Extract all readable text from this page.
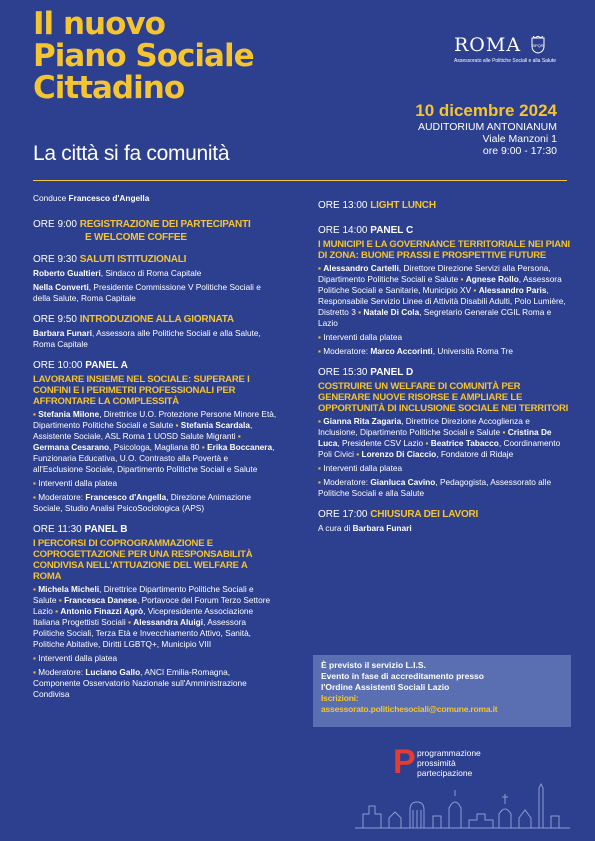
Il nuovo
Piano Sociale
Cittadino
La città si fa comunità
ROMA	SPQR
Assessorato alle Politiche Sociali e alla Salute
10 dicembre 2024
AUDITORIUM ANTONIANUM
Viale Manzoni 1
ore 9:00 - 17:30
Conduce Francesco d'Angella
ORE 9:00 REGISTRAZIONE DEI PARTECIPANTI
E WELCOME COFFEE
ORE 9:30 SALUTI ISTITUZIONALI

Roberto Gualtieri, Sindaco di Roma Capitale

Nella Converti, Presidente Commissione V Politiche Sociali e della Salute, Roma Capitale

ORE 9:50 INTRODUZIONE ALLA GIORNATA

Barbara Funari, Assessora alle Politiche Sociali e alla Salute, Roma Capitale

ORE 10:00 PANEL A
LAVORARE INSIEME NEL SOCIALE: SUPERARE I CONFINI E I PERIMETRI PROFESSIONALI PER AFFRONTARE LA COMPLESSITÀ

▪ Stefania Milone, Direttrice U.O. Protezione Persone Minore Età, Dipartimento Politiche Sociali e Salute ▪ Stefania Scardala, Assistente Sociale, ASL Roma 1 UOSD Salute Migranti ▪ Germana Cesarano, Psicologa, Magliana 80 ▪ Erika Boccanera, Funzionaria Educativa, U.O. Contrasto alla Povertà e all'Esclusione Sociale, Dipartimento Politiche Sociali e Salute

▪ Interventi dalla platea

▪ Moderatore: Francesco d'Angella, Direzione Animazione Sociale, Studio Analisi PsicoSociologica (APS)

ORE 11:30 PANEL B
I PERCORSI DI COPROGRAMMAZIONE E COPROGETTAZIONE PER UNA RESPONSABILITÀ CONDIVISA NELL'ATTUAZIONE DEL WELFARE A ROMA

▪ Michela Micheli, Direttrice Dipartimento Politiche Sociali e Salute ▪ Francesca Danese, Portavoce del Forum Terzo Settore Lazio ▪ Antonio Finazzi Agrò, Vicepresidente Associazione Italiana Progettisti Sociali ▪ Alessandra Aluigi, Assessora Politiche Sociali, Terza Età e Invecchiamento Attivo, Sanità, Politiche Abitative, Diritti LGBTQ+, Municipio VIII

▪ Interventi dalla platea

▪ Moderatore: Luciano Gallo, ANCI Emilia-Romagna, Componente Osservatorio Nazionale sull'Amministrazione Condivisa

ORE 13:00 LIGHT LUNCH
ORE 14:00 PANEL C
I MUNICIPI E LA GOVERNANCE TERRITORIALE NEI PIANI DI ZONA: BUONE PRASSI E PROSPETTIVE FUTURE

▪ Alessandro Cartelli, Direttore Direzione Servizi alla Persona, Dipartimento Politiche Sociali e Salute ▪ Agnese Rollo, Assessora Politiche Sociali e Sanitarie, Municipio XV ▪ Alessandro Paris, Responsabile Servizio Linee di Attività Disabili Adulti, Polo Lumière, Distretto 3 ▪ Natale Di Cola, Segretario Generale CGIL Roma e Lazio

▪ Interventi dalla platea

▪ Moderatore: Marco Accorinti, Università Roma Tre

ORE 15:30 PANEL D
COSTRUIRE UN WELFARE DI COMUNITÀ PER GENERARE NUOVE RISORSE E AMPLIARE LE OPPORTUNITÀ DI INCLUSIONE SOCIALE NEI TERRITORI

▪ Gianna Rita Zagaria, Direttrice Direzione Accoglienza e Inclusione, Dipartimento Politiche Sociali e Salute ▪ Cristina De Luca, Presidente CSV Lazio ▪ Beatrice Tabacco, Coordinamento Poli Civici ▪ Lorenzo Di Ciaccio, Fondatore di Ridaje

▪ Interventi dalla platea

▪ Moderatore: Gianluca Cavino, Pedagogista, Assessorato alle Politiche Sociali e alla Salute

ORE 17:00 CHIUSURA DEI LAVORI

A cura di Barbara Funari

È previsto il servizio L.I.S.
Evento in fase di accreditamento presso
l'Ordine Assistenti Sociali Lazio
Iscrizioni:
assessorato.politichesociali@comune.roma.it
P programmazione
prossimità
partecipazione
